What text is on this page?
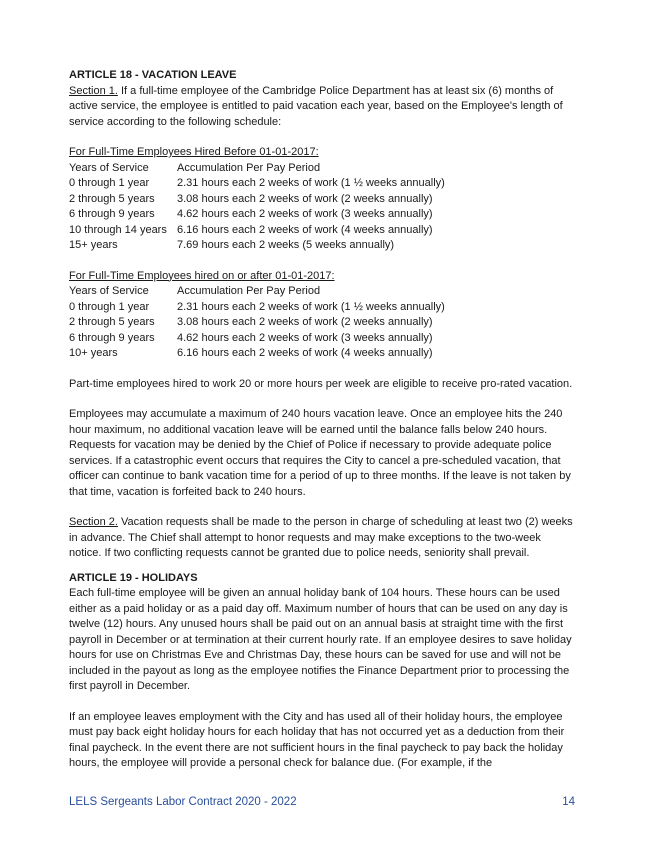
ARTICLE 18 - VACATION LEAVE

Section 1. If a full-time employee of the Cambridge Police Department has at least six (6) months of active service, the employee is entitled to paid vacation each year, based on the Employee's length of service according to the following schedule:

For Full-Time Employees Hired Before 01-01-2017:

Years of Service	Accumulation Per Pay Period
0 through 1 year	2.31 hours each 2 weeks of work (1 ½ weeks annually)
2 through 5 years	3.08 hours each 2 weeks of work (2 weeks annually)
6 through 9 years	4.62 hours each 2 weeks of work (3 weeks annually)
10 through 14 years	6.16 hours each 2 weeks of work (4 weeks annually)
15+ years	7.69 hours each 2 weeks (5 weeks annually)

For Full-Time Employees hired on or after 01-01-2017:

Years of Service	Accumulation Per Pay Period
0 through 1 year	2.31 hours each 2 weeks of work (1 ½ weeks annually)
2 through 5 years	3.08 hours each 2 weeks of work (2 weeks annually)
6 through 9 years	4.62 hours each 2 weeks of work (3 weeks annually)
10+ years	6.16 hours each 2 weeks of work (4 weeks annually)

Part-time employees hired to work 20 or more hours per week are eligible to receive pro-rated vacation.

Employees may accumulate a maximum of 240 hours vacation leave. Once an employee hits the 240 hour maximum, no additional vacation leave will be earned until the balance falls below 240 hours. Requests for vacation may be denied by the Chief of Police if necessary to provide adequate police services. If a catastrophic event occurs that requires the City to cancel a pre-scheduled vacation, that officer can continue to bank vacation time for a period of up to three months. If the leave is not taken by that time, vacation is forfeited back to 240 hours.

Section 2. Vacation requests shall be made to the person in charge of scheduling at least two (2) weeks in advance. The Chief shall attempt to honor requests and may make exceptions to the two-week notice. If two conflicting requests cannot be granted due to police needs, seniority shall prevail.

ARTICLE 19 - HOLIDAYS

Each full-time employee will be given an annual holiday bank of 104 hours. These hours can be used either as a paid holiday or as a paid day off. Maximum number of hours that can be used on any day is twelve (12) hours. Any unused hours shall be paid out on an annual basis at straight time with the first payroll in December or at termination at their current hourly rate. If an employee desires to save holiday hours for use on Christmas Eve and Christmas Day, these hours can be saved for use and will not be included in the payout as long as the employee notifies the Finance Department prior to processing the first payroll in December.

If an employee leaves employment with the City and has used all of their holiday hours, the employee must pay back eight holiday hours for each holiday that has not occurred yet as a deduction from their final paycheck. In the event there are not sufficient hours in the final paycheck to pay back the holiday hours, the employee will provide a personal check for balance due. (For example, if the

LELS Sergeants Labor Contract 2020 - 2022	14
